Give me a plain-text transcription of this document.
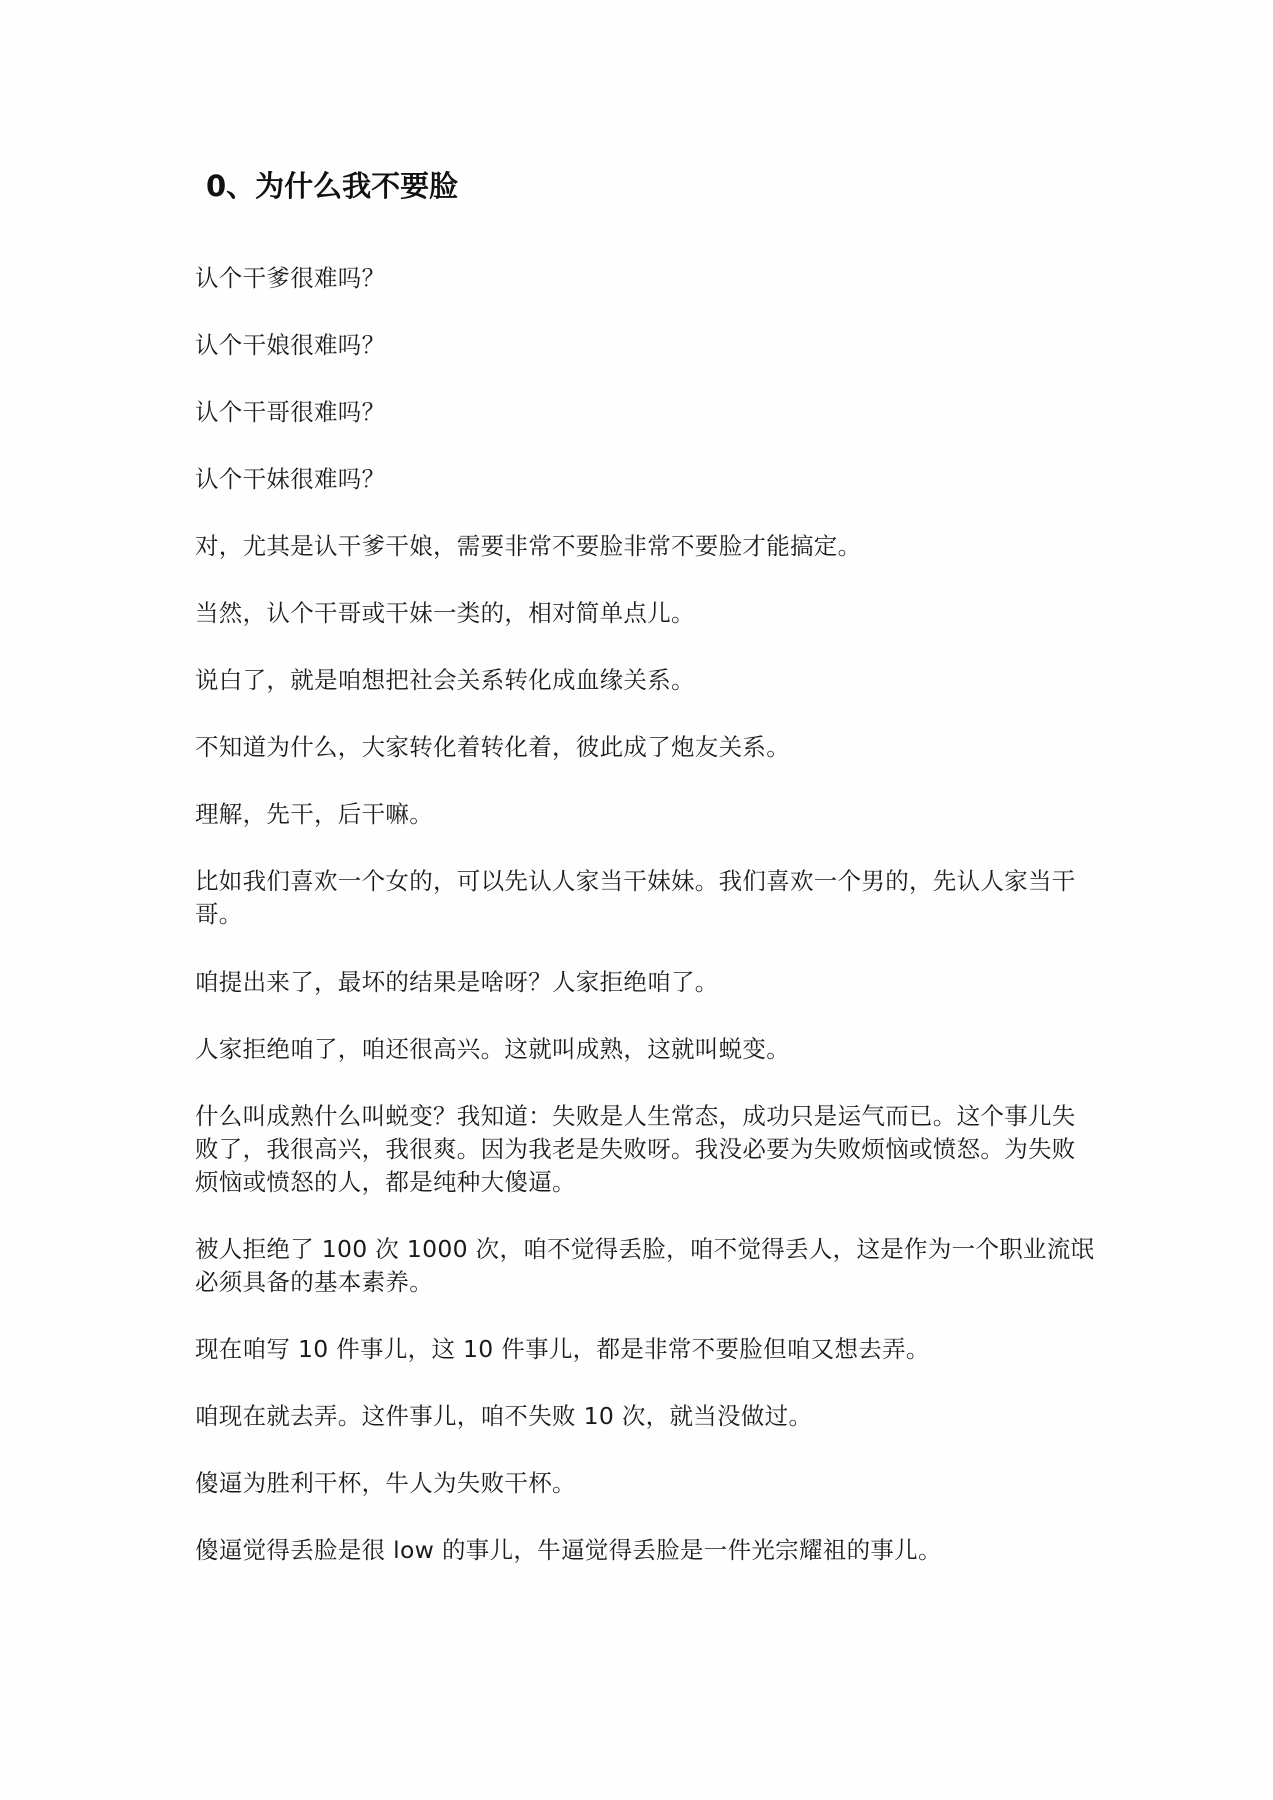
0、为什么我不要脸

认个干爹很难吗？

认个干娘很难吗？

认个干哥很难吗？

认个干妹很难吗？

对，尤其是认干爹干娘，需要非常不要脸非常不要脸才能搞定。

当然，认个干哥或干妹一类的，相对简单点儿。

说白了，就是咱想把社会关系转化成血缘关系。

不知道为什么，大家转化着转化着，彼此成了炮友关系。

理解，先干，后干嘛。

比如我们喜欢一个女的，可以先认人家当干妹妹。我们喜欢一个男的，先认人家当干哥。

咱提出来了，最坏的结果是啥呀？人家拒绝咱了。

人家拒绝咱了，咱还很高兴。这就叫成熟，这就叫蜕变。

什么叫成熟什么叫蜕变？我知道：失败是人生常态，成功只是运气而已。这个事儿失败了，我很高兴，我很爽。因为我老是失败呀。我没必要为失败烦恼或愤怒。为失败烦恼或愤怒的人，都是纯种大傻逼。

被人拒绝了 100 次 1000 次，咱不觉得丢脸，咱不觉得丢人，这是作为一个职业流氓必须具备的基本素养。

现在咱写 10 件事儿，这 10 件事儿，都是非常不要脸但咱又想去弄。

咱现在就去弄。这件事儿，咱不失败 10 次，就当没做过。

傻逼为胜利干杯，牛人为失败干杯。

傻逼觉得丢脸是很 low 的事儿，牛逼觉得丢脸是一件光宗耀祖的事儿。
